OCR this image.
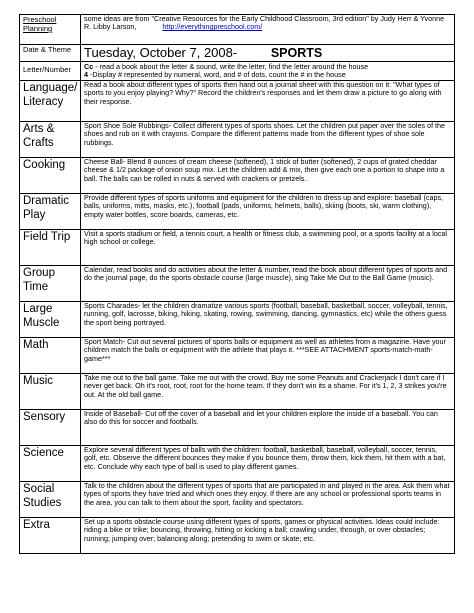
Preschool Planning	some ideas are from "Creative Resources for the Early Childhood Classroom, 3rd edition" by Judy Herr & Yvonne R. Libby Larson, http://everythingpreschool.com/
Date & Theme	Tuesday, October 7, 2008- SPORTS
Letter/Number	Cc - read a book about the letter & sound, write the letter, find the letter around the house
4 -Display # represented by numeral, word, and # of dots, count the # in the house

Language/ Literacy	Read a book about different types of sports then hand out a journal sheet with this question on it: "What types of sports to you enjoy playing? Why?" Record the children's responses and let them draw a picture to go along with their response.
Arts & Crafts	Sport Shoe Sole Rubbings- Collect different types of sports shoes. Let the children put paper over the soles of the shoes and rub on it with crayons. Compare the different patterns made from the different types of shoe sole rubbings.
Cooking	Cheese Ball- Blend 8 ounces of cream cheese (softened), 1 stick of butter (softened), 2 cups of grated cheddar cheese & 1/2 package of onion soup mix. Let the children add & mix, then give each one a portion to shape into a ball. The balls can be rolled in nuts & served with crackers or pretzels.
Dramatic Play	Provide different types of sports uniforms and equipment for the children to dress up and explore: baseball (caps, balls, uniforms, mitts, masks, etc.), football (pads, uniforms, helmets, balls), skiing (boots, ski, warm clothing), empty water bottles, score boards, cameras, etc.
Field Trip	Visit a sports stadium or field, a tennis court, a health or fitness club, a swimming pool, or a sports facility at a local high school or college.
Group Time	Calendar, read books and do activities about the letter & number, read the book about different types of sports and do the journal page, do the sports obstacle course (large muscle), sing Take Me Out to the Ball Game (music).
Large Muscle	Sports Charades- let the children dramatize various sports (football, baseball, basketball, soccer, volleyball, tennis, running, golf, lacrosse, biking, hiking, skating, rowing, swimming, dancing, gymnastics, etc) while the others guess the sport being portrayed.
Math	Sport Match- Cut out several pictures of sports balls or equipment as well as athletes from a magazine. Have your children match the balls or equipment with the athlete that plays it. ***SEE ATTACHMENT sports-match-math-game***
Music	Take me out to the ball game. Take me out with the crowd. Buy me some Peanuts and Crackerjack I don't care if I never get back. Oh it's root, root, root for the home team. If they don't win its a shame. For it's 1, 2, 3 strikes you're out. At the old ball game.
Sensory	Inside of Baseball- Cut off the cover of a baseball and let your children explore the inside of a baseball. You can also do this for soccer and footballs.
Science	Explore several different types of balls with the children: football, basketball, baseball, volleyball, soccer, tennis, golf, etc. Observe the different bounces they make if you bounce them, throw them, kick them, hit them with a bat, etc. Conclude why each type of ball is used to play different games.
Social Studies	Talk to the children about the different types of sports that are participated in and played in the area. Ask them what types of sports they have tried and which ones they enjoy. If there are any school or professional sports teams in the area, you can talk to them about the sport, facility and spectators.
Extra	Set up a sports obstacle course using different types of sports, games or physical activities. Ideas could include: riding a bike or trike; bouncing, throwing, hitting or kicking a ball; crawling under, through, or over obstacles; running; jumping over; balancing along; pretending to swim or skate; etc.
